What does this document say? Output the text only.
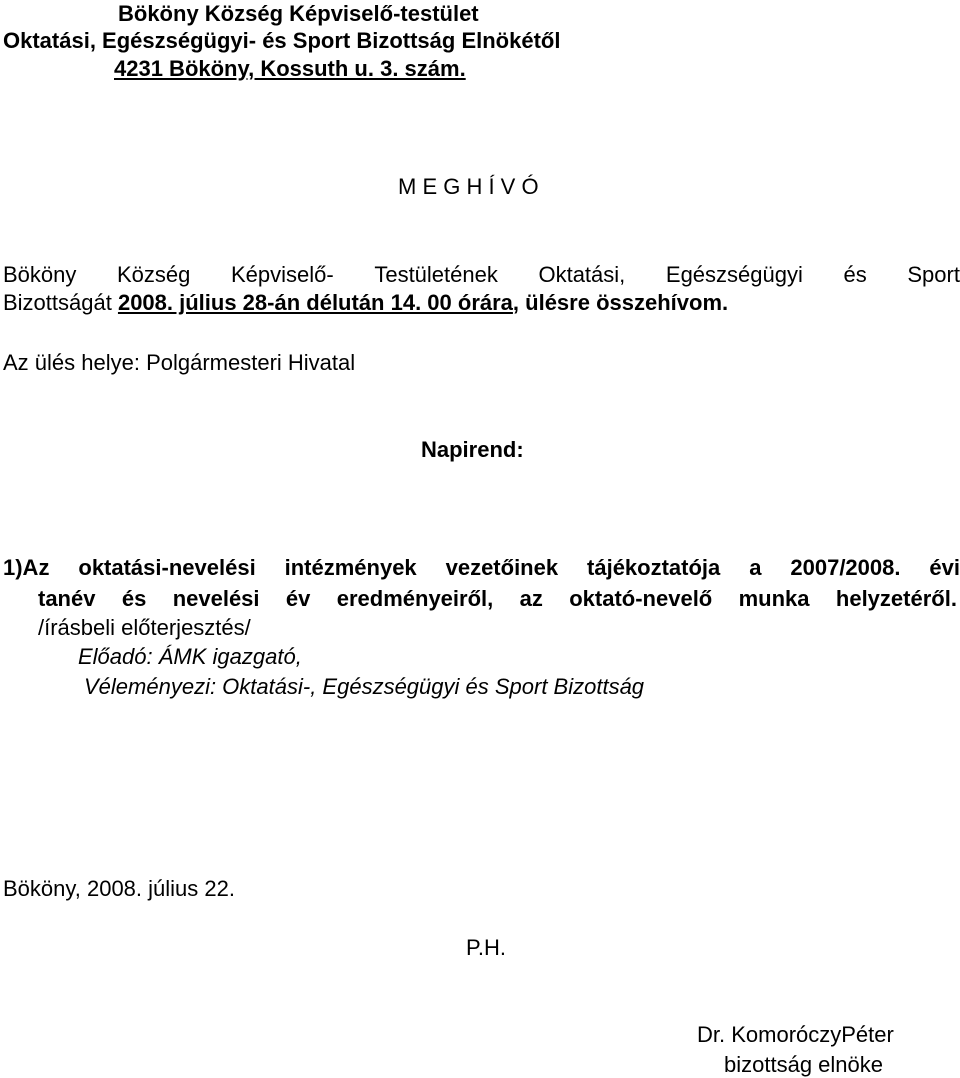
Bököny Község Képviselő-testület
Oktatási, Egészségügyi- és Sport Bizottság Elnökétől
4231 Bököny, Kossuth u. 3. szám.
M E G H Í V Ó
Bököny Község Képviselő- Testületének Oktatási, Egészségügyi és Sport
Bizottságát 2008. július 28-án délután 14. 00 órára, ülésre összehívom.
Az ülés helye: Polgármesteri Hivatal
Napirend:
1)Az oktatási-nevelési intézmények vezetőinek tájékoztatója a 2007/2008. évi
tanév és nevelési év eredményeiről, az oktató-nevelő munka helyzetéről.
/írásbeli előterjesztés/
Előadó: ÁMK igazgató,
Véleményezi: Oktatási-, Egészségügyi és Sport Bizottság
Bököny, 2008. július 22.
P.H.
Dr. KomoróczyPéter
bizottság elnöke
